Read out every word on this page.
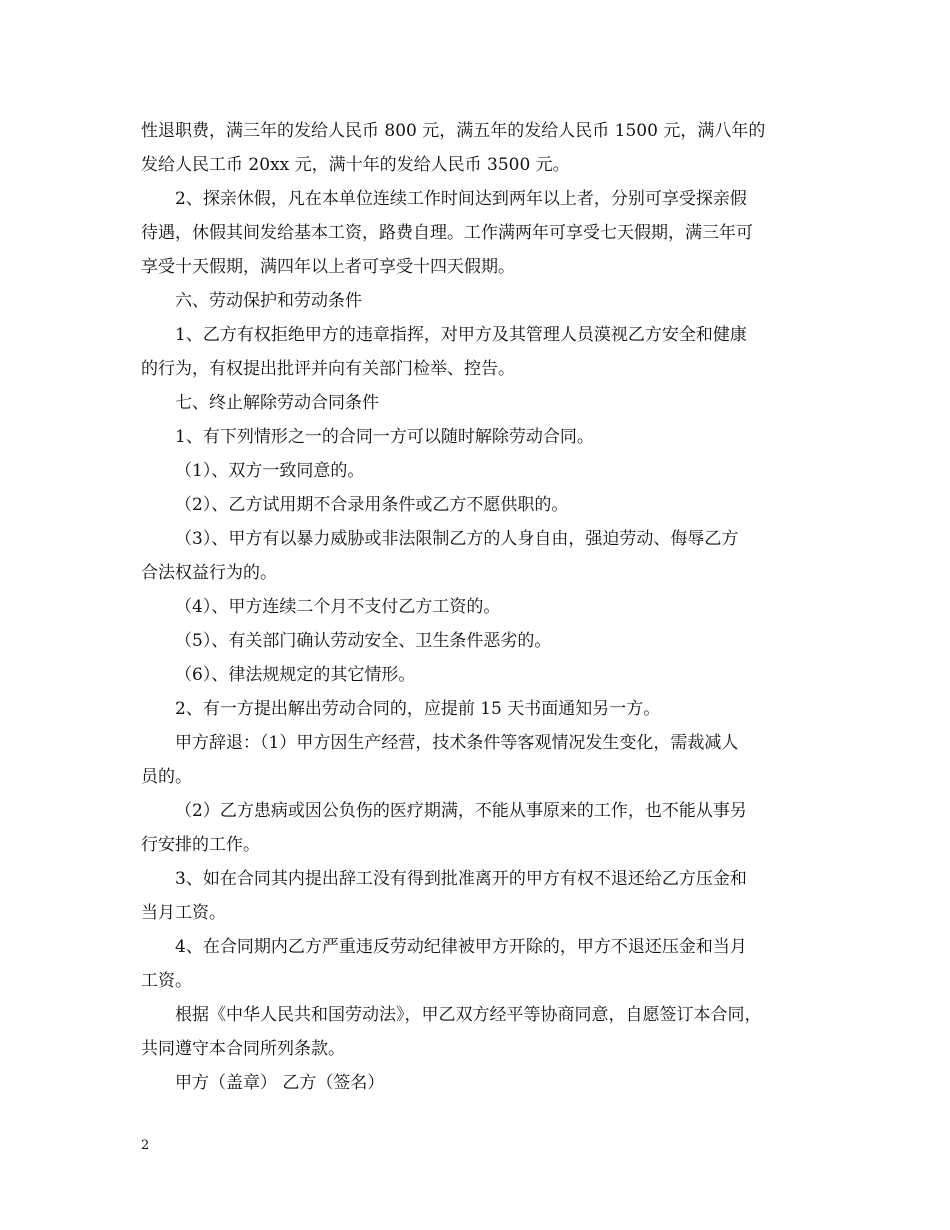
性退职费，满三年的发给人民币 800 元，满五年的发给人民币 1500 元，满八年的
发给人民工币 20xx 元，满十年的发给人民币 3500 元。
2、探亲休假，凡在本单位连续工作时间达到两年以上者，分别可享受探亲假
待遇，休假其间发给基本工资，路费自理。工作满两年可享受七天假期，满三年可
享受十天假期，满四年以上者可享受十四天假期。
六、劳动保护和劳动条件
1、乙方有权拒绝甲方的违章指挥，对甲方及其管理人员漠视乙方安全和健康
的行为，有权提出批评并向有关部门检举、控告。
七、终止解除劳动合同条件
1、有下列情形之一的合同一方可以随时解除劳动合同。
（1）、双方一致同意的。
（2）、乙方试用期不合录用条件或乙方不愿供职的。
（3）、甲方有以暴力威胁或非法限制乙方的人身自由，强迫劳动、侮辱乙方
合法权益行为的。
（4）、甲方连续二个月不支付乙方工资的。
（5）、有关部门确认劳动安全、卫生条件恶劣的。
（6）、律法规规定的其它情形。
2、有一方提出解出劳动合同的，应提前 15 天书面通知另一方。
甲方辞退：（1）甲方因生产经营，技术条件等客观情况发生变化，需裁减人
员的。
（2）乙方患病或因公负伤的医疗期满，不能从事原来的工作，也不能从事另
行安排的工作。
3、如在合同其内提出辞工没有得到批准离开的甲方有权不退还给乙方压金和
当月工资。
4、在合同期内乙方严重违反劳动纪律被甲方开除的，甲方不退还压金和当月
工资。
根据《中华人民共和国劳动法》，甲乙双方经平等协商同意，自愿签订本合同，
共同遵守本合同所列条款。
甲方（盖章） 乙方（签名）
2
